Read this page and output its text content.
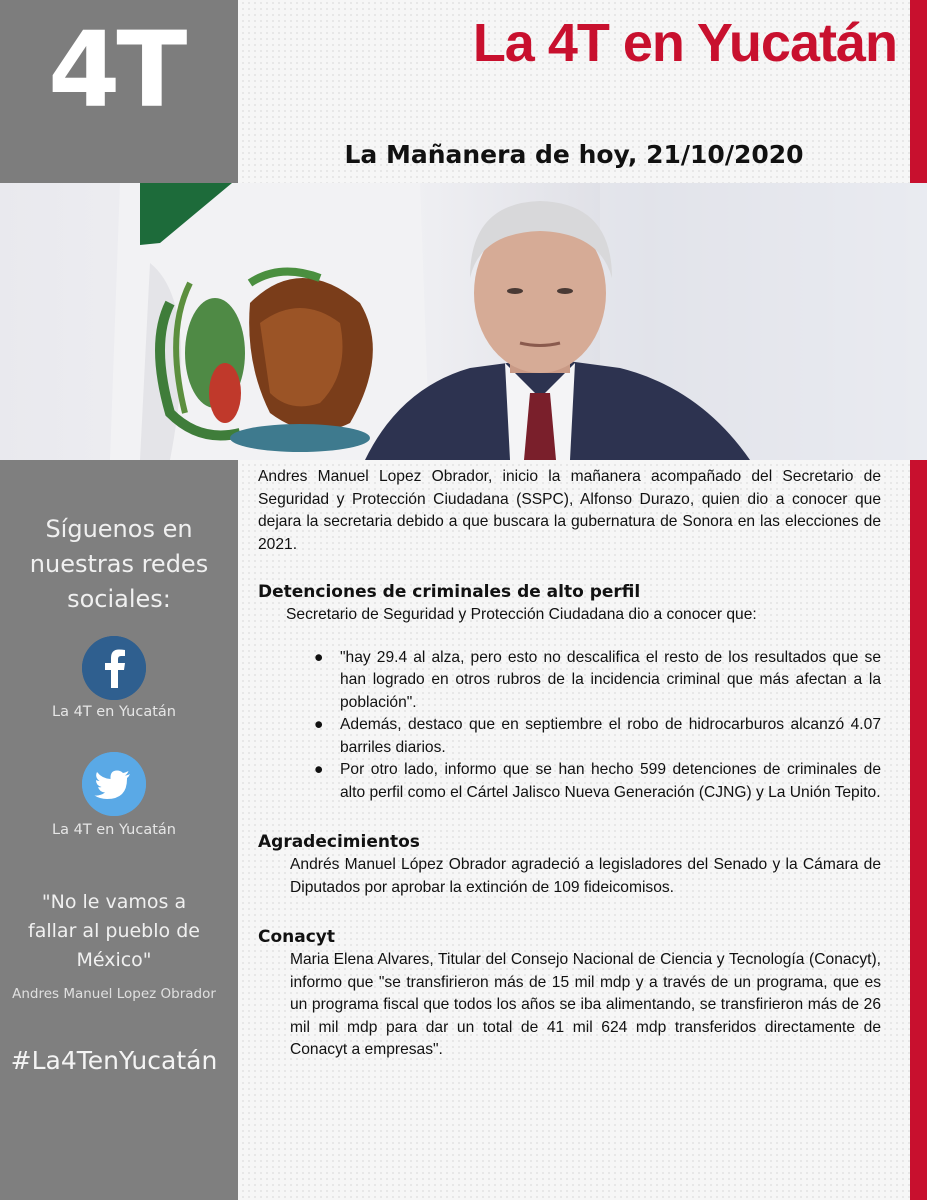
4T	La 4T en Yucatán
La Mañanera de hoy, 21/10/2020
Síguenos en
nuestras redes
sociales:
La 4T en Yucatán
La 4T en Yucatán
"No le vamos a
fallar al pueblo de
México"
Andres Manuel Lopez Obrador
#La4TenYucatán

Andres Manuel Lopez Obrador, inicio la mañanera acompañado del Secretario de Seguridad y Protección Ciudadana (SSPC), Alfonso Durazo, quien dio a conocer que dejara la secretaria debido a que buscara la gubernatura de Sonora en las elecciones de 2021.

Detenciones de criminales de alto perfil

Secretario de Seguridad y Protección Ciudadana dio a conocer que:

● "hay 29.4 al alza, pero esto no descalifica el resto de los resultados que se han logrado en otros rubros de la incidencia criminal que más afectan a la población".
● Además, destaco que en septiembre el robo de hidrocarburos alcanzó 4.07 barriles diarios.
● Por otro lado, informo que se han hecho 599 detenciones de criminales de alto perfil como el Cártel Jalisco Nueva Generación (CJNG) y La Unión Tepito.
Agradecimientos

Andrés Manuel López Obrador agradeció a legisladores del Senado y la Cámara de Diputados por aprobar la extinción de 109 fideicomisos.

Conacyt

Maria Elena Alvares, Titular del Consejo Nacional de Ciencia y Tecnología (Conacyt), informo que "se transfirieron más de 15 mil mdp y a través de un programa, que es un programa fiscal que todos los años se iba alimentando, se transfirieron más de 26 mil mil mdp para dar un total de 41 mil 624 mdp transferidos directamente de Conacyt a empresas".
